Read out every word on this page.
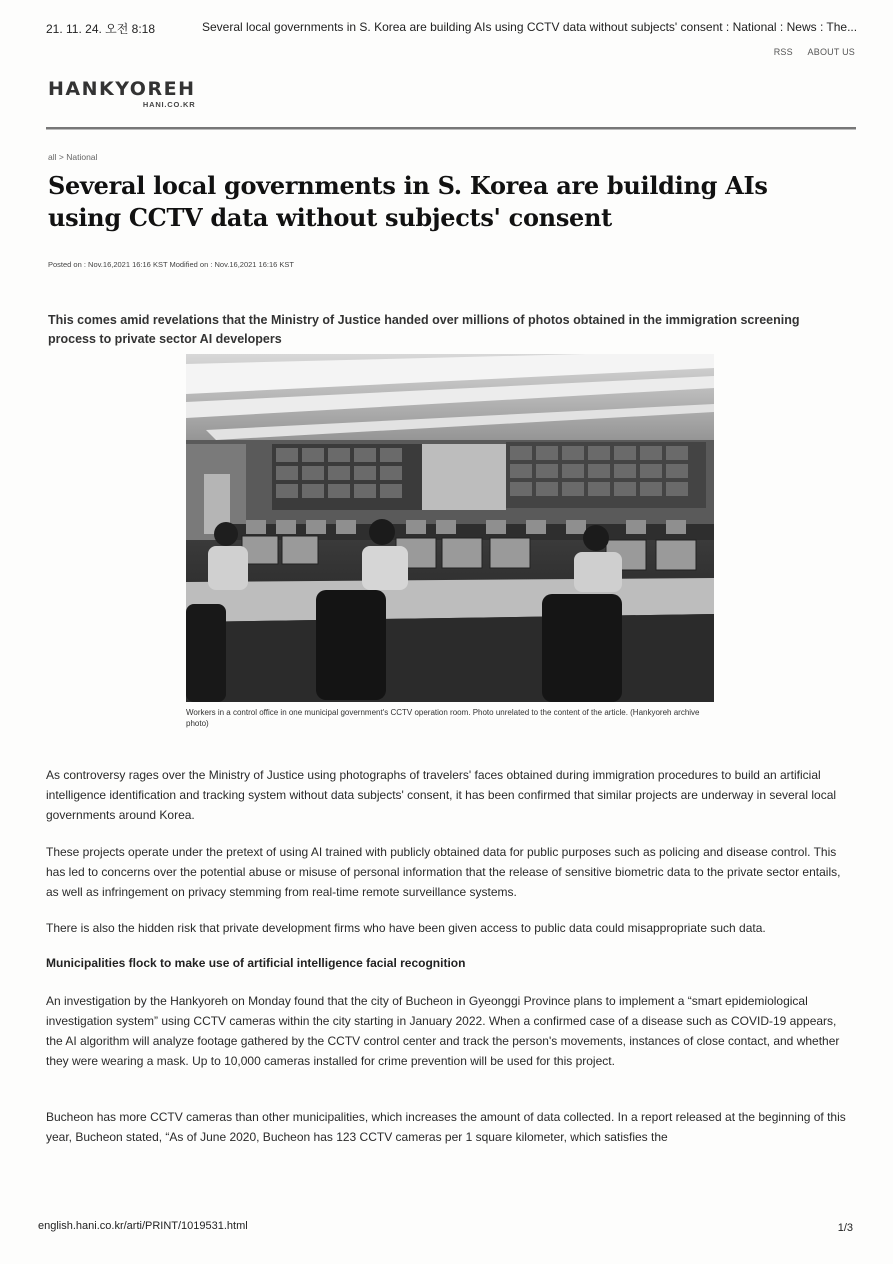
21. 11. 24. 오전 8:18	Several local governments in S. Korea are building AIs using CCTV data without subjects' consent : National : News : The...
RSS ABOUT US
HANKYOREH
HANI.CO.KR
all > National
Several local governments in S. Korea are building AIs using CCTV data without subjects' consent
Posted on : Nov.16,2021 16:16 KST Modified on : Nov.16,2021 16:16 KST
This comes amid revelations that the Ministry of Justice handed over millions of photos obtained in the immigration screening process to private sector AI developers
Workers in a control office in one municipal government's CCTV operation room. Photo unrelated to the content of the article. (Hankyoreh archive photo)

As controversy rages over the Ministry of Justice using photographs of travelers' faces obtained during immigration procedures to build an artificial intelligence identification and tracking system without data subjects' consent, it has been confirmed that similar projects are underway in several local governments around Korea.

These projects operate under the pretext of using AI trained with publicly obtained data for public purposes such as policing and disease control. This has led to concerns over the potential abuse or misuse of personal information that the release of sensitive biometric data to the private sector entails, as well as infringement on privacy stemming from real-time remote surveillance systems.

There is also the hidden risk that private development firms who have been given access to public data could misappropriate such data.

Municipalities flock to make use of artificial intelligence facial recognition

An investigation by the Hankyoreh on Monday found that the city of Bucheon in Gyeonggi Province plans to implement a “smart epidemiological investigation system” using CCTV cameras within the city starting in January 2022. When a confirmed case of a disease such as COVID-19 appears, the AI algorithm will analyze footage gathered by the CCTV control center and track the person's movements, instances of close contact, and whether they were wearing a mask. Up to 10,000 cameras installed for crime prevention will be used for this project.

Bucheon has more CCTV cameras than other municipalities, which increases the amount of data collected. In a report released at the beginning of this year, Bucheon stated, “As of June 2020, Bucheon has 123 CCTV cameras per 1 square kilometer, which satisfies the

english.hani.co.kr/arti/PRINT/1019531.html	1/3
